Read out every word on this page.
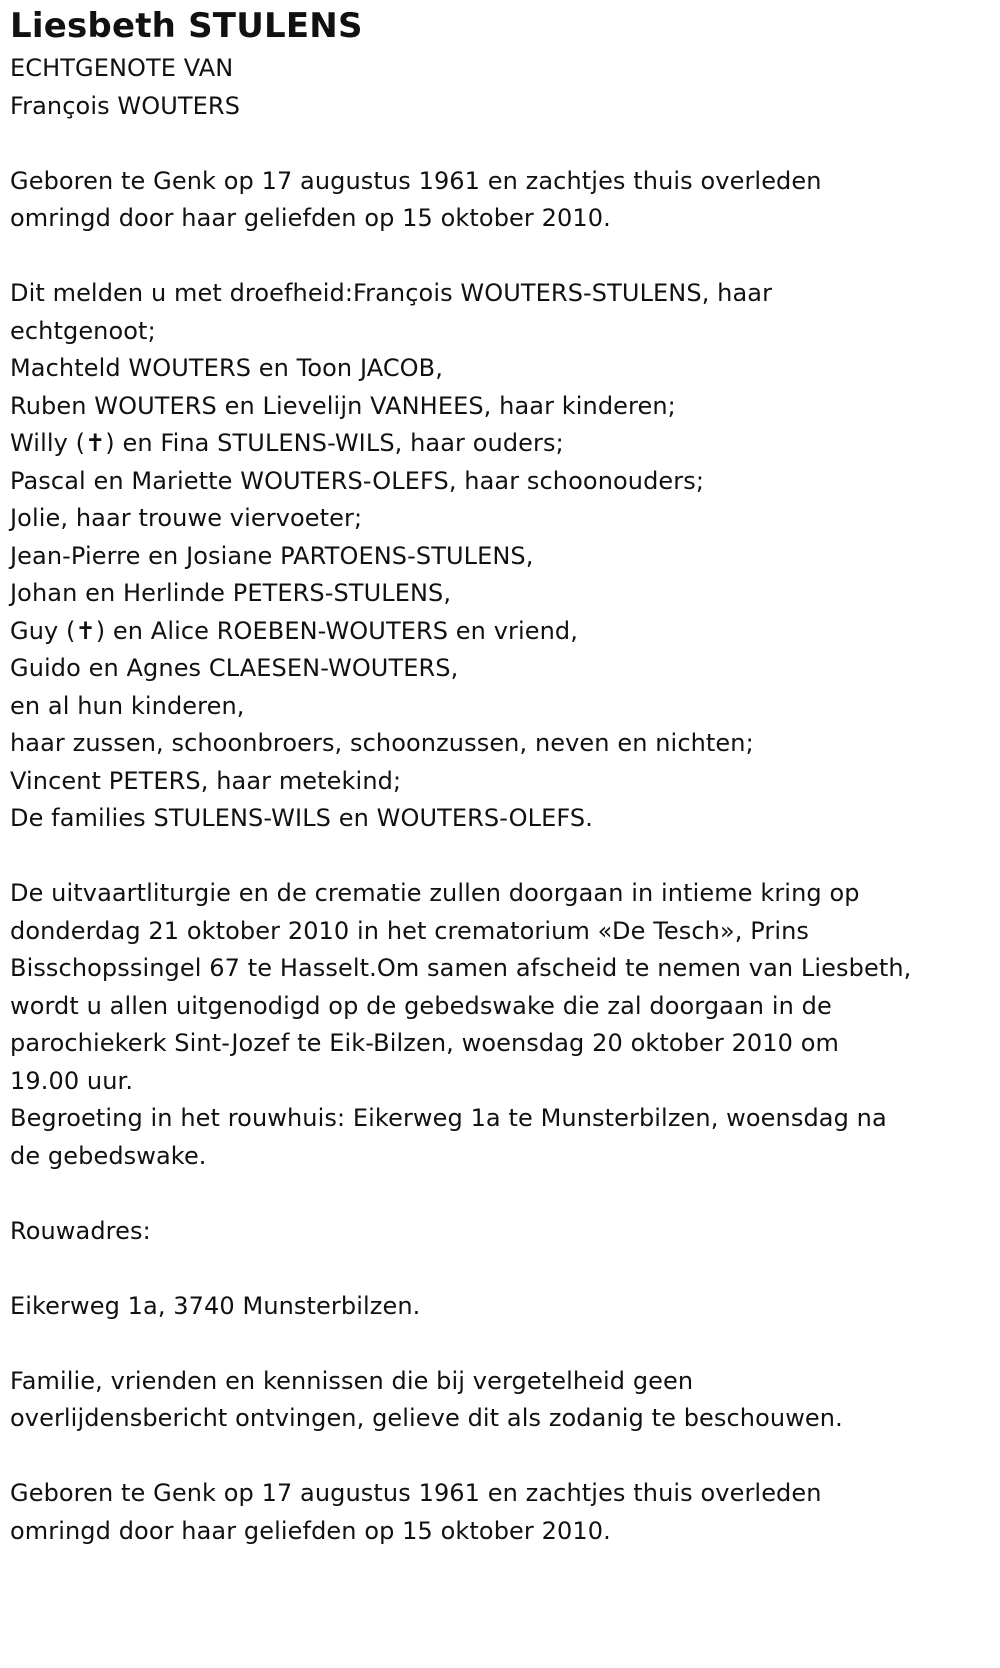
Liesbeth STULENS
ECHTGENOTE VAN
François WOUTERS
Geboren te Genk op 17 augustus 1961 en zachtjes thuis overleden
omringd door haar geliefden op 15 oktober 2010.
Dit melden u met droefheid:François WOUTERS-STULENS, haar
echtgenoot;
Machteld WOUTERS en Toon JACOB,
Ruben WOUTERS en Lievelijn VANHEES, haar kinderen;
Willy (✝) en Fina STULENS-WILS, haar ouders;
Pascal en Mariette WOUTERS-OLEFS, haar schoonouders;
Jolie, haar trouwe viervoeter;
Jean-Pierre en Josiane PARTOENS-STULENS,
Johan en Herlinde PETERS-STULENS,
Guy (✝) en Alice ROEBEN-WOUTERS en vriend,
Guido en Agnes CLAESEN-WOUTERS,
en al hun kinderen,
haar zussen, schoonbroers, schoonzussen, neven en nichten;
Vincent PETERS, haar metekind;
De families STULENS-WILS en WOUTERS-OLEFS.
De uitvaartliturgie en de crematie zullen doorgaan in intieme kring op
donderdag 21 oktober 2010 in het crematorium «De Tesch», Prins
Bisschopssingel 67 te Hasselt.Om samen afscheid te nemen van Liesbeth,
wordt u allen uitgenodigd op de gebedswake die zal doorgaan in de
parochiekerk Sint-Jozef te Eik-Bilzen, woensdag 20 oktober 2010 om
19.00 uur.
Begroeting in het rouwhuis: Eikerweg 1a te Munsterbilzen, woensdag na
de gebedswake.
Rouwadres:
Eikerweg 1a, 3740 Munsterbilzen.
Familie, vrienden en kennissen die bij vergetelheid geen
overlijdensbericht ontvingen, gelieve dit als zodanig te beschouwen.
Geboren te Genk op 17 augustus 1961 en zachtjes thuis overleden
omringd door haar geliefden op 15 oktober 2010.
